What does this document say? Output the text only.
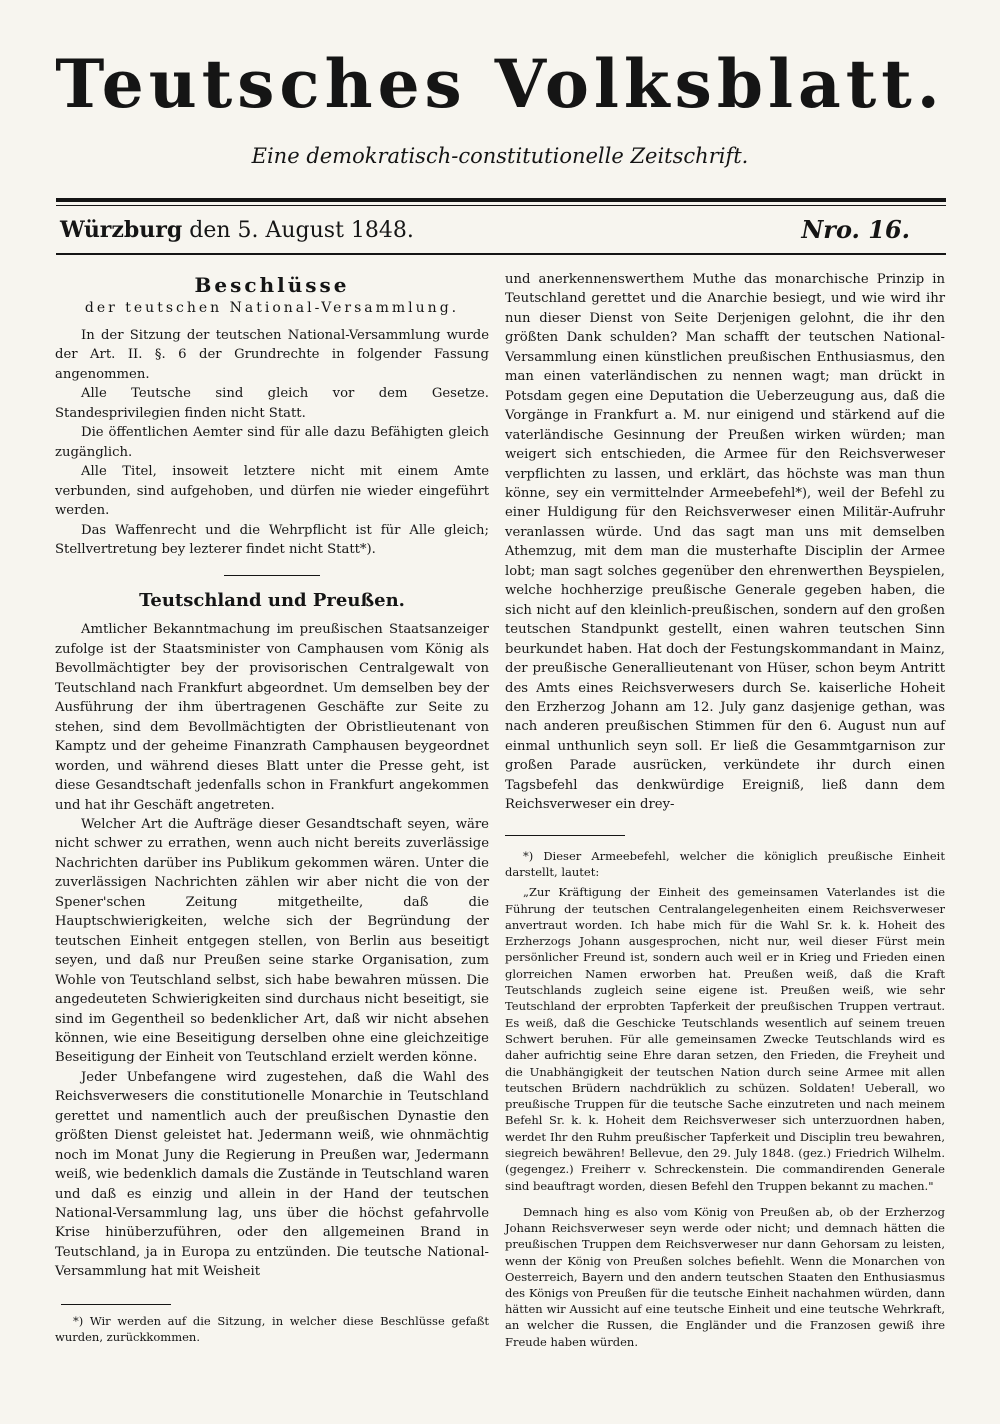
Teutsches Volksblatt.
Eine demokratisch-constitutionelle Zeitschrift.
Würzburg den 5. August 1848.	Nro. 16.
Beschlüsse
der teutschen National-Versammlung.

In der Sitzung der teutschen National-Versammlung wurde der Art. II. §. 6 der Grundrechte in folgender Fassung angenommen.

Alle Teutsche sind gleich vor dem Gesetze. Standesprivilegien finden nicht Statt.

Die öffentlichen Aemter sind für alle dazu Befähigten gleich zugänglich.

Alle Titel, insoweit letztere nicht mit einem Amte verbunden, sind aufgehoben, und dürfen nie wieder eingeführt werden.

Das Waffenrecht und die Wehrpflicht ist für Alle gleich; Stellvertretung bey lezterer findet nicht Statt*).

Teutschland und Preußen.

Amtlicher Bekanntmachung im preußischen Staatsanzeiger zufolge ist der Staatsminister von Camphausen vom König als Bevollmächtigter bey der provisorischen Centralgewalt von Teutschland nach Frankfurt abgeordnet. Um demselben bey der Ausführung der ihm übertragenen Geschäfte zur Seite zu stehen, sind dem Bevollmächtigten der Obristlieutenant von Kamptz und der geheime Finanzrath Camphausen beygeordnet worden, und während dieses Blatt unter die Presse geht, ist diese Gesandtschaft jedenfalls schon in Frankfurt angekommen und hat ihr Geschäft angetreten.

Welcher Art die Aufträge dieser Gesandtschaft seyen, wäre nicht schwer zu errathen, wenn auch nicht bereits zuverlässige Nachrichten darüber ins Publikum gekommen wären. Unter die zuverlässigen Nachrichten zählen wir aber nicht die von der Spener'schen Zeitung mitgetheilte, daß die Hauptschwierigkeiten, welche sich der Begründung der teutschen Einheit entgegen stellen, von Berlin aus beseitigt seyen, und daß nur Preußen seine starke Organisation, zum Wohle von Teutschland selbst, sich habe bewahren müssen. Die angedeuteten Schwierigkeiten sind durchaus nicht beseitigt, sie sind im Gegentheil so bedenklicher Art, daß wir nicht absehen können, wie eine Beseitigung derselben ohne eine gleichzeitige Beseitigung der Einheit von Teutschland erzielt werden könne.

Jeder Unbefangene wird zugestehen, daß die Wahl des Reichsverwesers die constitutionelle Monarchie in Teutschland gerettet und namentlich auch der preußischen Dynastie den größten Dienst geleistet hat. Jedermann weiß, wie ohnmächtig noch im Monat Juny die Regierung in Preußen war, Jedermann weiß, wie bedenklich damals die Zustände in Teutschland waren und daß es einzig und allein in der Hand der teutschen National-Versammlung lag, uns über die höchst gefahrvolle Krise hinüberzuführen, oder den allgemeinen Brand in Teutschland, ja in Europa zu entzünden. Die teutsche National-Versammlung hat mit Weisheit

*) Wir werden auf die Sitzung, in welcher diese Beschlüsse gefaßt wurden, zurückkommen.

und anerkennenswerthem Muthe das monarchische Prinzip in Teutschland gerettet und die Anarchie besiegt, und wie wird ihr nun dieser Dienst von Seite Derjenigen gelohnt, die ihr den größten Dank schulden? Man schafft der teutschen National-Versammlung einen künstlichen preußischen Enthusiasmus, den man einen vaterländischen zu nennen wagt; man drückt in Potsdam gegen eine Deputation die Ueberzeugung aus, daß die Vorgänge in Frankfurt a. M. nur einigend und stärkend auf die vaterländische Gesinnung der Preußen wirken würden; man weigert sich entschieden, die Armee für den Reichsverweser verpflichten zu lassen, und erklärt, das höchste was man thun könne, sey ein vermittelnder Armeebefehl*), weil der Befehl zu einer Huldigung für den Reichsverweser einen Militär-Aufruhr veranlassen würde. Und das sagt man uns mit demselben Athemzug, mit dem man die musterhafte Disciplin der Armee lobt; man sagt solches gegenüber den ehrenwerthen Beyspielen, welche hochherzige preußische Generale gegeben haben, die sich nicht auf den kleinlich-preußischen, sondern auf den großen teutschen Standpunkt gestellt, einen wahren teutschen Sinn beurkundet haben. Hat doch der Festungskommandant in Mainz, der preußische Generallieutenant von Hüser, schon beym Antritt des Amts eines Reichsverwesers durch Se. kaiserliche Hoheit den Erzherzog Johann am 12. July ganz dasjenige gethan, was nach anderen preußischen Stimmen für den 6. August nun auf einmal unthunlich seyn soll. Er ließ die Gesammtgarnison zur großen Parade ausrücken, verkündete ihr durch einen Tagsbefehl das denkwürdige Ereigniß, ließ dann dem Reichsverweser ein drey-

*) Dieser Armeebefehl, welcher die königlich preußische Einheit darstellt, lautet:

„Zur Kräftigung der Einheit des gemeinsamen Vaterlandes ist die Führung der teutschen Centralangelegenheiten einem Reichsverweser anvertraut worden. Ich habe mich für die Wahl Sr. k. k. Hoheit des Erzherzogs Johann ausgesprochen, nicht nur, weil dieser Fürst mein persönlicher Freund ist, sondern auch weil er in Krieg und Frieden einen glorreichen Namen erworben hat. Preußen weiß, daß die Kraft Teutschlands zugleich seine eigene ist. Preußen weiß, wie sehr Teutschland der erprobten Tapferkeit der preußischen Truppen vertraut. Es weiß, daß die Geschicke Teutschlands wesentlich auf seinem treuen Schwert beruhen. Für alle gemeinsamen Zwecke Teutschlands wird es daher aufrichtig seine Ehre daran setzen, den Frieden, die Freyheit und die Unabhängigkeit der teutschen Nation durch seine Armee mit allen teutschen Brüdern nachdrüklich zu schüzen. Soldaten! Ueberall, wo preußische Truppen für die teutsche Sache einzutreten und nach meinem Befehl Sr. k. k. Hoheit dem Reichsverweser sich unterzuordnen haben, werdet Ihr den Ruhm preußischer Tapferkeit und Disciplin treu bewahren, siegreich bewähren! Bellevue, den 29. July 1848. (gez.) Friedrich Wilhelm. (gegengez.) Freiherr v. Schreckenstein. Die commandirenden Generale sind beauftragt worden, diesen Befehl den Truppen bekannt zu machen."

Demnach hing es also vom König von Preußen ab, ob der Erzherzog Johann Reichsverweser seyn werde oder nicht; und demnach hätten die preußischen Truppen dem Reichsverweser nur dann Gehorsam zu leisten, wenn der König von Preußen solches befiehlt. Wenn die Monarchen von Oesterreich, Bayern und den andern teutschen Staaten den Enthusiasmus des Königs von Preußen für die teutsche Einheit nachahmen würden, dann hätten wir Aussicht auf eine teutsche Einheit und eine teutsche Wehrkraft, an welcher die Russen, die Engländer und die Franzosen gewiß ihre Freude haben würden.
